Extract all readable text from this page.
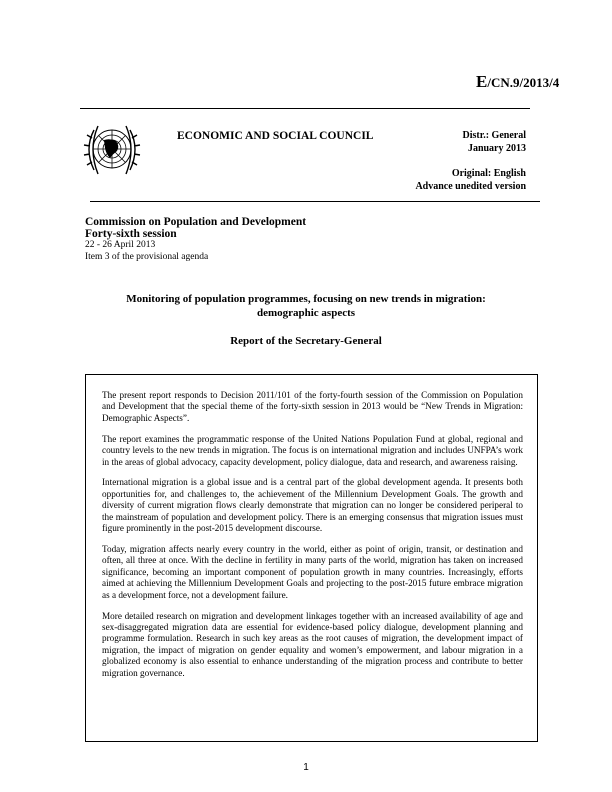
E/CN.9/2013/4
ECONOMIC AND SOCIAL COUNCIL	Distr.: General
January 2013
Original: English
Advance unedited version
Commission on Population and Development
Forty-sixth session
22 - 26 April 2013
Item 3 of the provisional agenda
Monitoring of population programmes, focusing on new trends in migration:
demographic aspects
Report of the Secretary-General

The present report responds to Decision 2011/101 of the forty-fourth session of the Commission on Population and Development that the special theme of the forty-sixth session in 2013 would be “New Trends in Migration: Demographic Aspects”.

The report examines the programmatic response of the United Nations Population Fund at global, regional and country levels to the new trends in migration. The focus is on international migration and includes UNFPA’s work in the areas of global advocacy, capacity development, policy dialogue, data and research, and awareness raising.

International migration is a global issue and is a central part of the global development agenda. It presents both opportunities for, and challenges to, the achievement of the Millennium Development Goals. The growth and diversity of current migration flows clearly demonstrate that migration can no longer be considered periperal to the mainstream of population and development policy. There is an emerging consensus that migration issues must figure prominently in the post-2015 development discourse.

Today, migration affects nearly every country in the world, either as point of origin, transit, or destination and often, all three at once. With the decline in fertility in many parts of the world, migration has taken on increased significance, becoming an important component of population growth in many countries. Increasingly, efforts aimed at achieving the Millennium Development Goals and projecting to the post-2015 future embrace migration as a development force, not a development failure.

More detailed research on migration and development linkages together with an increased availability of age and sex-disaggregated migration data are essential for evidence-based policy dialogue, development planning and programme formulation. Research in such key areas as the root causes of migration, the development impact of migration, the impact of migration on gender equality and women’s empowerment, and labour migration in a globalized economy is also essential to enhance understanding of the migration process and contribute to better migration governance.

1
